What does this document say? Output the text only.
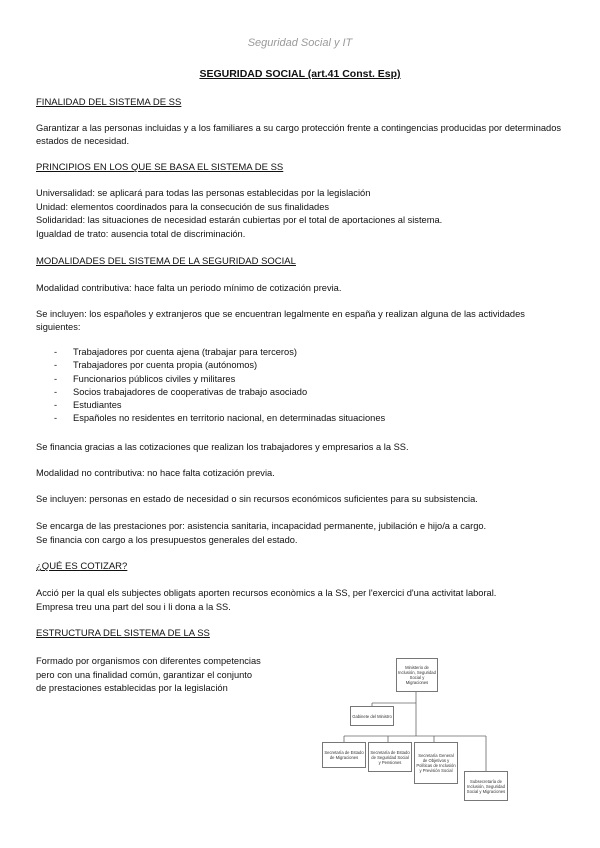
Seguridad Social y IT
SEGURIDAD SOCIAL (art.41 Const. Esp)
FINALIDAD DEL SISTEMA DE SS
Garantizar a las personas incluidas y a los familiares a su cargo protección frente a contingencias producidas por determinados estados de necesidad.
PRINCIPIOS EN LOS QUE SE BASA EL SISTEMA DE SS
Universalidad: se aplicará para todas las personas establecidas por la legislación
Unidad: elementos coordinados para la consecución de sus finalidades
Solidaridad: las situaciones de necesidad estarán cubiertas por el total de aportaciones al sistema.
Igualdad de trato: ausencia total de discriminación.
MODALIDADES DEL SISTEMA DE LA SEGURIDAD SOCIAL
Modalidad contributiva: hace falta un periodo mínimo de cotización previa.
Se incluyen: los españoles y extranjeros que se encuentran legalmente en españa y realizan alguna de las actividades siguientes:
- Trabajadores por cuenta ajena (trabajar para terceros)
- Trabajadores por cuenta propia (autónomos)
- Funcionarios públicos civiles y militares
- Socios trabajadores de cooperativas de trabajo asociado
- Estudiantes
- Españoles no residentes en territorio nacional, en determinadas situaciones
Se financia gracias a las cotizaciones que realizan los trabajadores y empresarios a la SS.
Modalidad no contributiva: no hace falta cotización previa.
Se incluyen: personas en estado de necesidad o sin recursos económicos suficientes para su subsistencia.
Se encarga de las prestaciones por: asistencia sanitaria, incapacidad permanente, jubilación e hijo/a a cargo.
Se financia con cargo a los presupuestos generales del estado.
¿QUÉ ES COTIZAR?
Acció per la qual els subjectes obligats aporten recursos econòmics a la SS, per l'exercici d'una activitat laboral.
Empresa treu una part del sou i li dona a la SS.
ESTRUCTURA DEL SISTEMA DE LA SS
Formado por organismos con diferentes competencias
pero con una finalidad común, garantizar el conjunto
de prestaciones establecidas por la legislación
Ministerio de Inclusión, Seguridad Social y Migraciones
Gabinete del Ministro
Secretaría de Estado de Migraciones
Secretaría de Estado de Seguridad Social y Pensiones
Secretaría General de Objetivos y Políticas de Inclusión y Previsión Social
Subsecretaría de Inclusión, Seguridad Social y Migraciones
